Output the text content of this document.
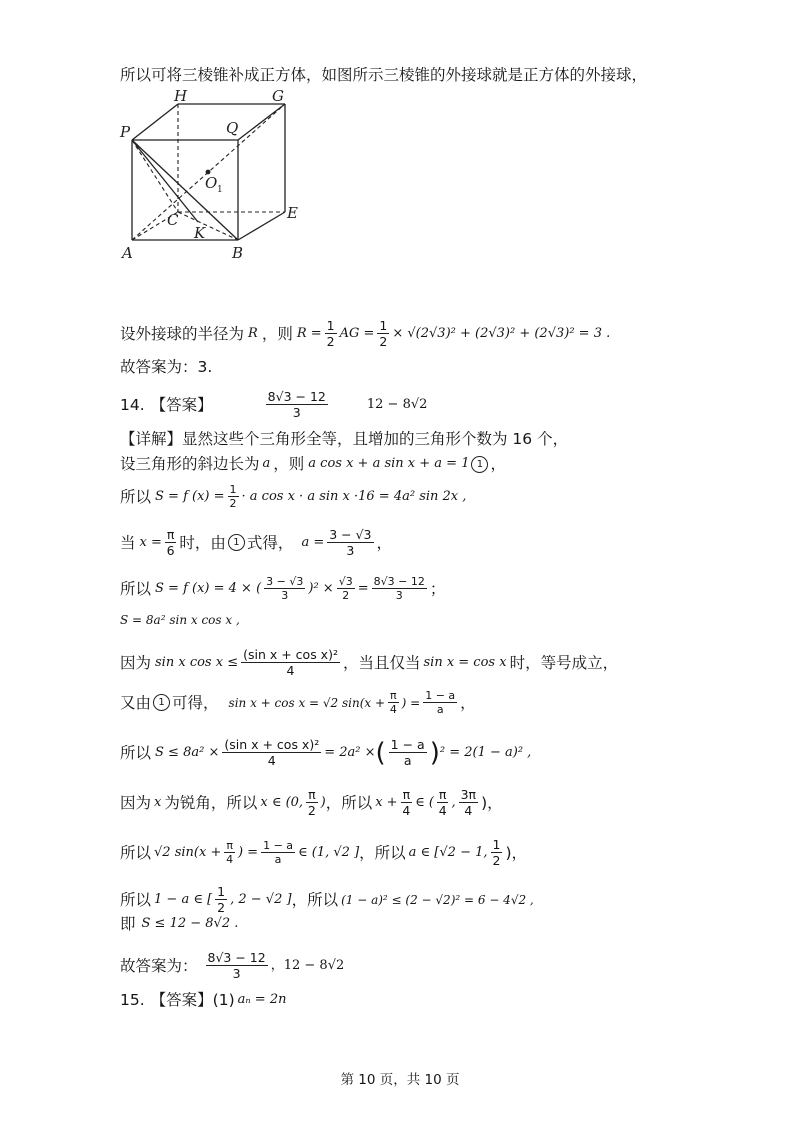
所以可将三棱锥补成正方体，如图所示三棱锥的外接球就是正方体的外接球，
H	G
P	Q
O 1
C
K
E
A	B
设外接球的半径为 R ，则 $R = \frac{1}{2}$ AG = $\frac{1}{2} \times √(2√3)^2 + (2√3)^2 + (2√3)^2 = 3$ .
故答案为：3.
14. 【答案】	$\frac{8√3 - 12}{3}$	12 − 8√2
【详解】显然这些个三角形全等，且增加的三角形个数为 16 个，
设三角形的斜边长为 a ，则 a cos x + a sin x + a = 1 1 ，
所以 S = f $(x) = \frac{1}{2} \cdot a$ cos x · a sin x ·16 = 4a² sin 2x ,
当 $x = \frac{\pi}{6}$ 时，由 1 式得， $a = \frac{3 - √3}{3}$ ，
所以 S = f (x) = 4 × ( $\frac{3 - √3}{3} )^2 \times \frac{√3}{2} = \frac{8√3 - 12}{3}$ ；
S = 8a² sin x cos x ,
因为 sin x $\cos x \le \frac{\text{(sin x + cos x)²}}{4}$ ，当且仅当 sin x = cos x 时，等号成立，
又由 1 可得， sin x + cos x = √2 $\sin(x + \frac{\pi}{4}$ ) = $\frac{1 - a}{a}$ ，
所以 $S \le 8a^2 \times \frac{\text{(sin x + cos x)²}}{4} = 2a^2$ × ( $\frac{1 - a}{a}$ ) ² = 2(1 − a)² ,
因为 x 为锐角，所以 x ∈ (0, $\frac{\pi}{2}$ ) ，所以 $x + \frac{\pi}{4}$ ∈ ( $\frac{\pi}{4}$ , $\frac{3\pi}{4}$ )，
所以 √2 $\sin(x + \frac{\pi}{4}$ ) = $\frac{1 - a}{a}$ ∈ (1, √2 ] ，所以 a ∈ [√2 − 1, $\frac{1}{2}$ )，
所以 1 − a ∈ [ $\frac{1}{2}$ , 2 − √2 ] ，所以 (1 − a)² ≤ (2 − √2)² = 6 − 4√2 ,
即 S ≤ 12 − 8√2 .
故答案为： $\frac{8√3 - 12}{3}$ ，12 − 8√2
15. 【答案】 (1) aₙ = 2n
第 10 页，共 10 页
